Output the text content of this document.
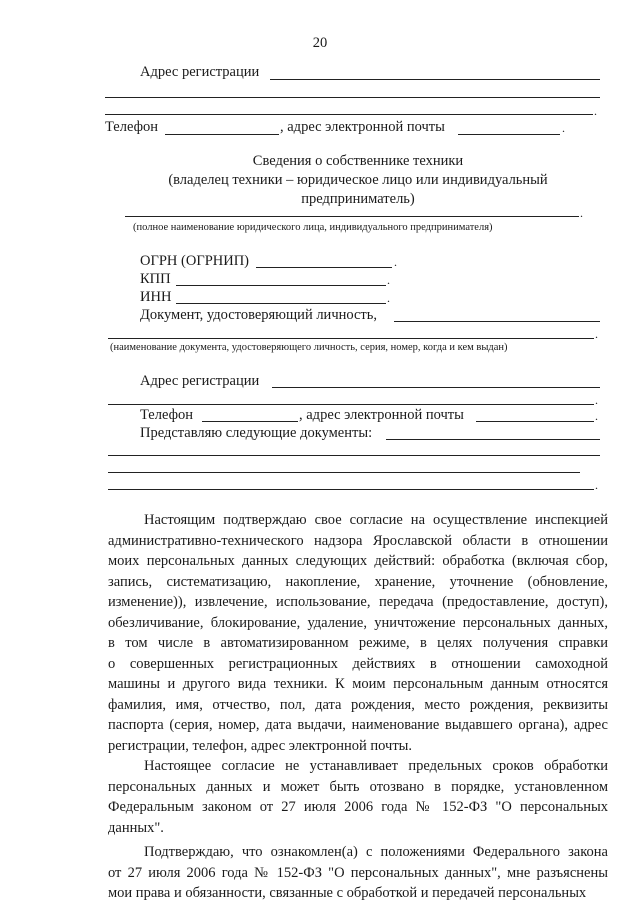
20
Адрес регистрации
.
Телефон	, адрес электронной почты	.
Сведения о собственнике техники
(владелец техники – юридическое лицо или индивидуальный
предприниматель)
.
(полное наименование юридического лица, индивидуального предпринимателя)
ОГРН (ОГРНИП)	.
КПП	.
ИНН	.
Документ, удостоверяющий личность,
.
(наименование документа, удостоверяющего личность, серия, номер, когда и кем выдан)
Адрес регистрации
.
Телефон	, адрес электронной почты	.
Представляю следующие документы:
.
Настоящим подтверждаю свое согласие на осуществление инспекцией
административно-технического надзора Ярославской области в отношении
моих персональных данных следующих действий: обработка (включая сбор,
запись, систематизацию, накопление, хранение, уточнение (обновление,
изменение)), извлечение, использование, передача (предоставление, доступ),
обезличивание, блокирование, удаление, уничтожение персональных данных,
в том числе в автоматизированном режиме, в целях получения справки
о совершенных регистрационных действиях в отношении самоходной
машины и другого вида техники. К моим персональным данным относятся
фамилия, имя, отчество, пол, дата рождения, место рождения, реквизиты
паспорта (серия, номер, дата выдачи, наименование выдавшего органа), адрес
регистрации, телефон, адрес электронной почты.
Настоящее согласие не устанавливает предельных сроков обработки
персональных данных и может быть отозвано в порядке, установленном
Федеральным законом от 27 июля 2006 года № 152-ФЗ "О персональных
данных".
Подтверждаю, что ознакомлен(а) с положениями Федерального закона
от 27 июля 2006 года № 152-ФЗ "О персональных данных", мне разъяснены
мои права и обязанности, связанные с обработкой и передачей персональных
